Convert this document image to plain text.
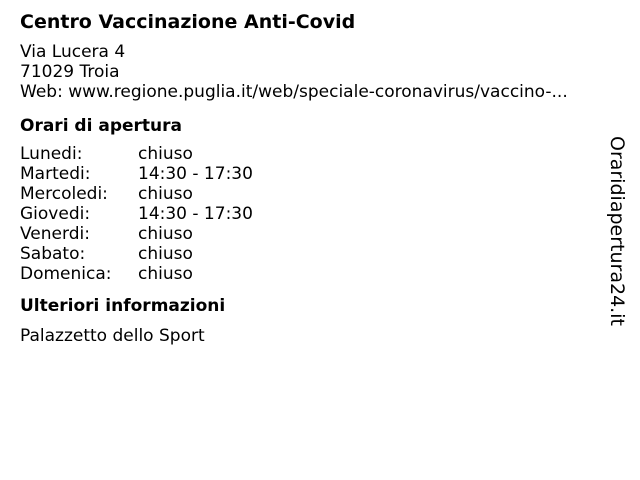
Centro Vaccinazione Anti-Covid
Via Lucera 4
71029 Troia
Web: www.regione.puglia.it/web/speciale-coronavirus/vaccino-...
Orari di apertura
Lunedi:	chiuso
Martedi:	14:30 - 17:30
Mercoledi:	chiuso
Giovedi:	14:30 - 17:30
Venerdi:	chiuso
Sabato:	chiuso
Domenica:	chiuso
Ulteriori informazioni
Palazzetto dello Sport
Oraridiapertura24.it
